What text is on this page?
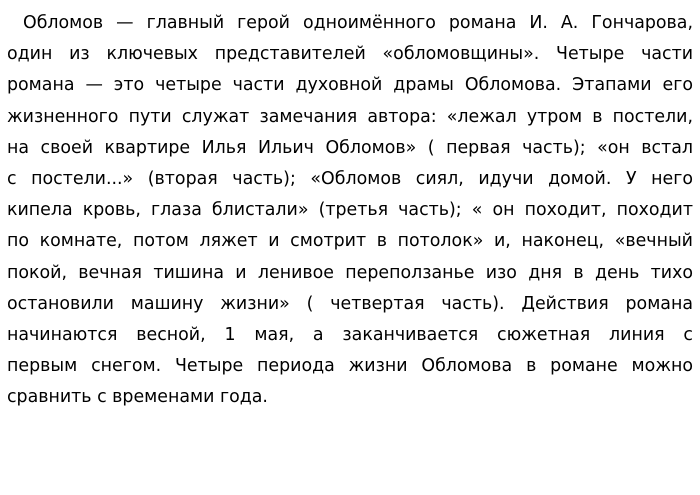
Обломов — главный герой одноимённого романа И. А. Гончарова,
один из ключевых представителей «обломовщины». Четыре части
романа — это четыре части духовной драмы Обломова. Этапами его
жизненного пути служат замечания автора: «лежал утром в постели,
на своей квартире Илья Ильич Обломов» ( первая часть); «он встал
с постели...» (вторая часть); «Обломов сиял, идучи домой. У него
кипела кровь, глаза блистали» (третья часть); « он походит, походит
по комнате, потом ляжет и смотрит в потолок» и, наконец, «вечный
покой, вечная тишина и ленивое переползанье изо дня в день тихо
остановили машину жизни» ( четвертая часть). Действия романа
начинаются весной, 1 мая, а заканчивается сюжетная линия с
первым снегом. Четыре периода жизни Обломова в романе можно
сравнить с временами года.
